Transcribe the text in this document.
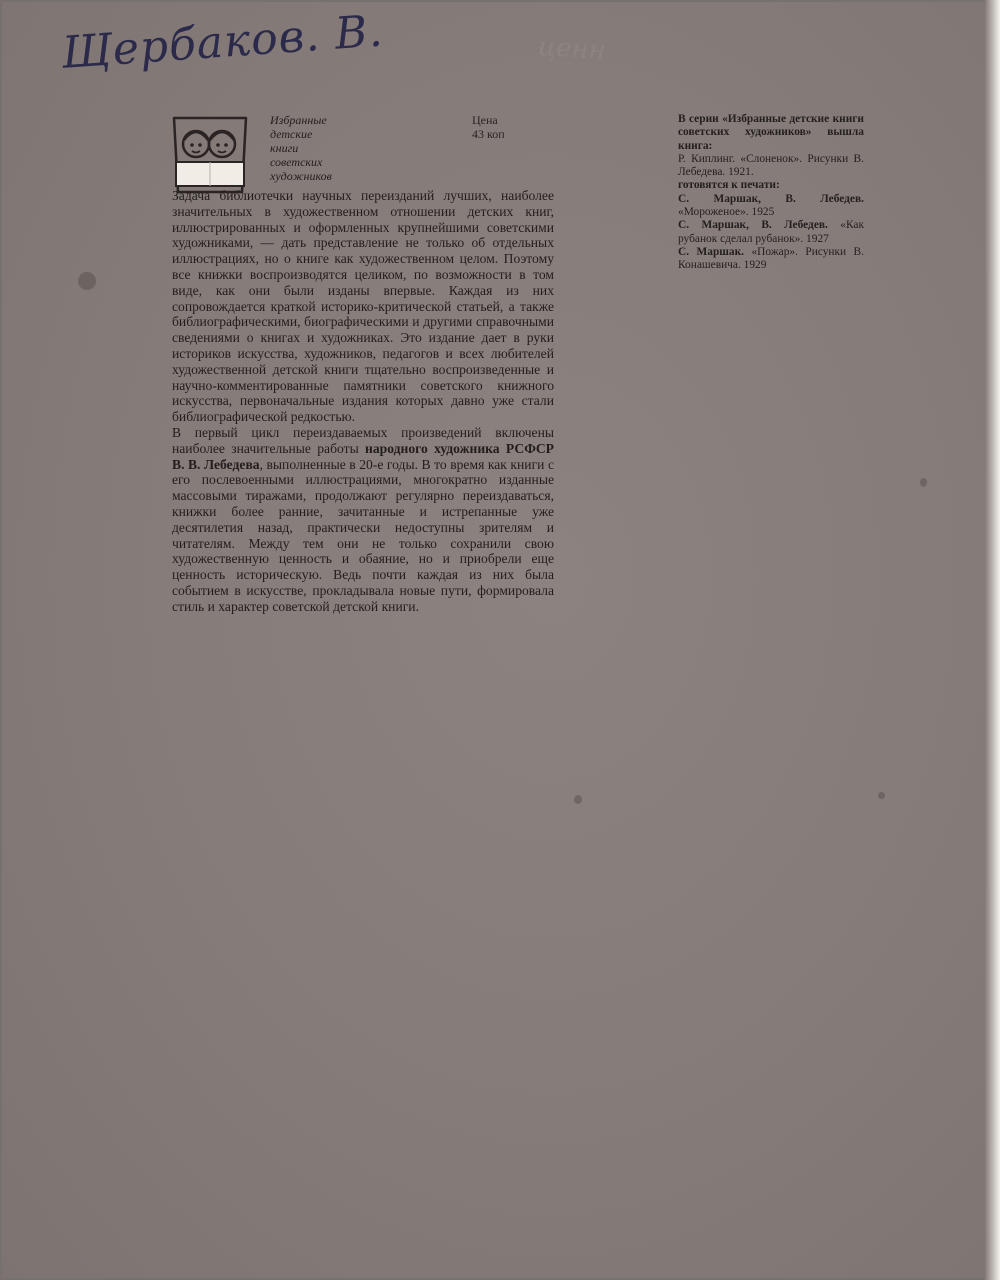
Щербаков. В.	ценн
Избранные
детские
книги
советских
художников
Цена
43 коп

Задача библиотечки научных переизданий лучших, наиболее значительных в художественном отношении детских книг, иллюстрированных и оформленных крупнейшими советскими художниками, — дать представление не только об отдельных иллюстрациях, но о книге как художественном целом. Поэтому все книжки воспроизводятся целиком, по возможности в том виде, как они были изданы впервые. Каждая из них сопровождается краткой историко-критической статьей, а также библиографическими, биографическими и другими справочными сведениями о книгах и художниках. Это издание дает в руки историков искусства, художников, педагогов и всех любителей художественной детской книги тщательно воспроизведенные и научно-комментированные памятники советского книжного искусства, первоначальные издания которых давно уже стали библиографической редкостью.

В первый цикл переиздаваемых произведений включены наиболее значительные работы народного художника РСФСР В. В. Лебедева, выполненные в 20-е годы. В то время как книги с его послевоенными иллюстрациями, многократно изданные массовыми тиражами, продолжают регулярно переиздаваться, книжки более ранние, зачитанные и истрепанные уже десятилетия назад, практически недоступны зрителям и читателям. Между тем они не только сохранили свою художественную ценность и обаяние, но и приобрели еще ценность историческую. Ведь почти каждая из них была событием в искусстве, прокладывала новые пути, формировала стиль и характер советской детской книги.

В серии «Избранные детские книги советских художников» вышла книга:

Р. Киплинг. «Слоненок». Рисунки В. Лебедева. 1921.

готовятся к печати:

С. Маршак, В. Лебедев. «Мороженое». 1925

С. Маршак, В. Лебедев. «Как рубанок сделал рубанок». 1927

С. Маршак. «Пожар». Рисунки В. Конашевича. 1929
